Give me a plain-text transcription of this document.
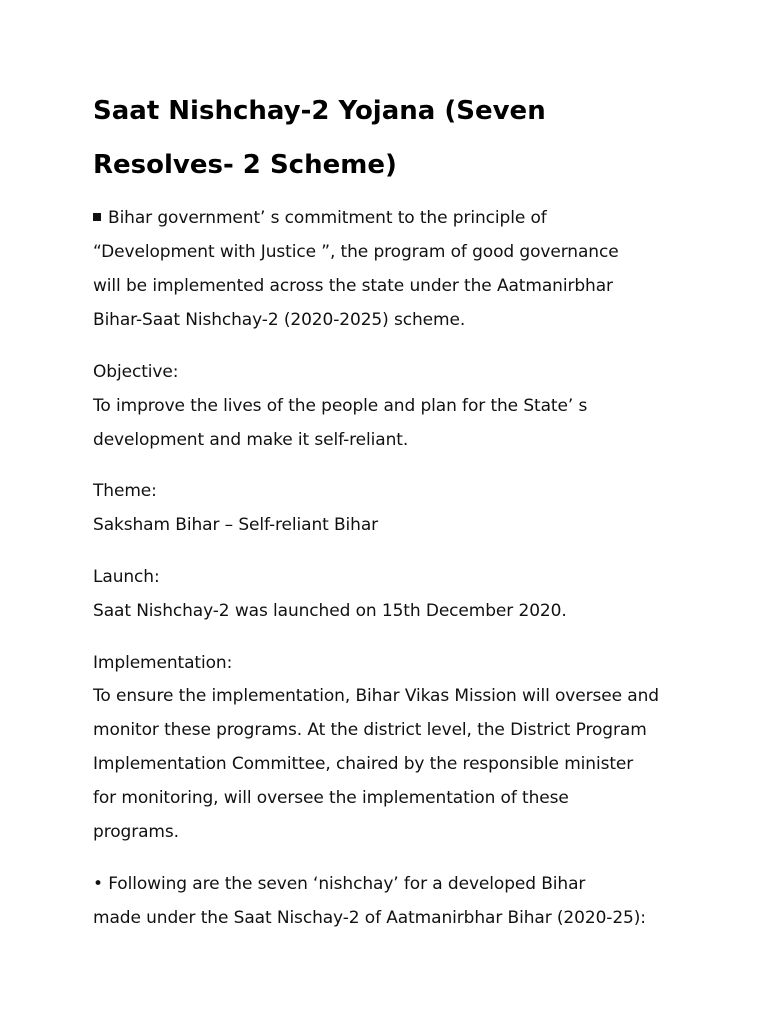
Saat Nishchay-2 Yojana (Seven
Resolves- 2 Scheme)
Bihar government’ s commitment to the principle of
“Development with Justice ”, the program of good governance
will be implemented across the state under the Aatmanirbhar
Bihar-Saat Nishchay-2 (2020-2025) scheme.
Objective:
To improve the lives of the people and plan for the State’ s
development and make it self-reliant.
Theme:
Saksham Bihar – Self-reliant Bihar
Launch:
Saat Nishchay-2 was launched on 15th December 2020.
Implementation:
To ensure the implementation, Bihar Vikas Mission will oversee and
monitor these programs. At the district level, the District Program
Implementation Committee, chaired by the responsible minister
for monitoring, will oversee the implementation of these
programs.
• Following are the seven ‘nishchay’ for a developed Bihar
made under the Saat Nischay-2 of Aatmanirbhar Bihar (2020-25):
